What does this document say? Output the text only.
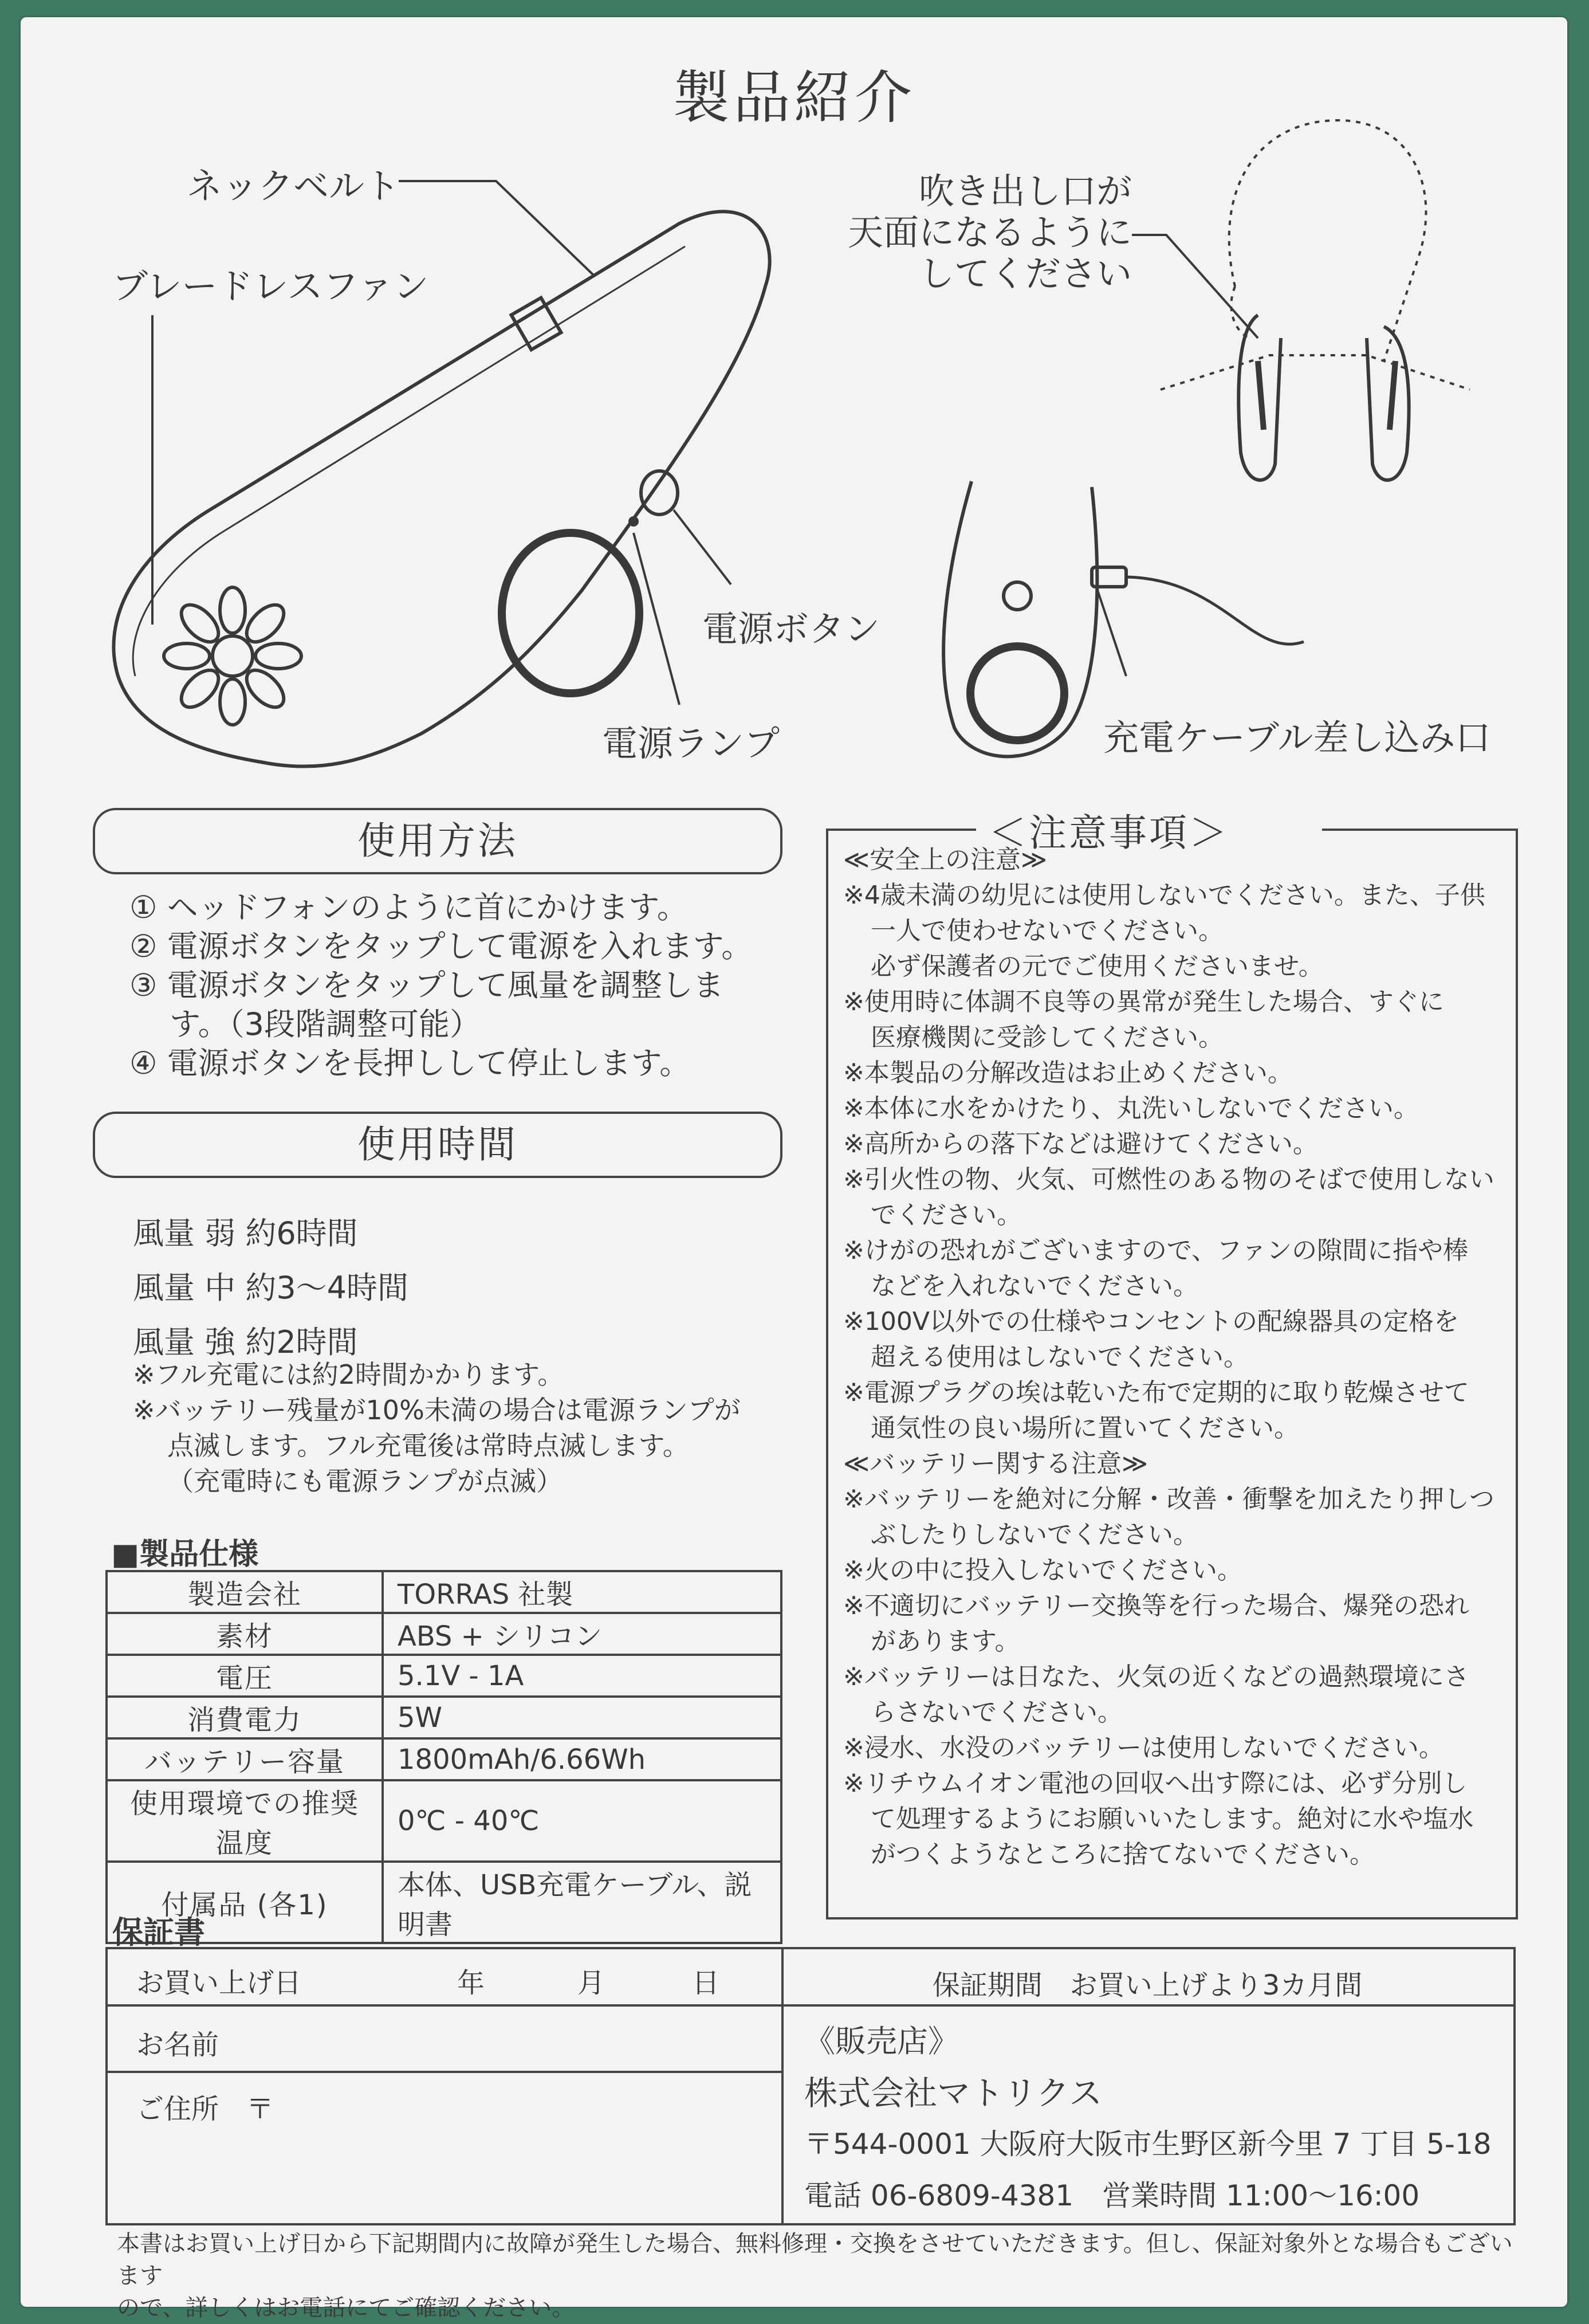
製品紹介
ネックベルト
ブレードレスファン
電源ボタン
電源ランプ
吹き出し口が
天面になるように
してください
充電ケーブル差し込み口
使用方法
① ヘッドフォンのように首にかけます。
② 電源ボタンをタップして電源を入れます。
③ 電源ボタンをタップして風量を調整しま
す。（3段階調整可能）
④ 電源ボタンを長押しして停止します。
使用時間
風量 弱 約6時間
風量 中 約3～4時間
風量 強 約2時間
※フル充電には約2時間かかります。
※バッテリー残量が10%未満の場合は電源ランプが
点滅します。フル充電後は常時点滅します。
（充電時にも電源ランプが点滅）
■製品仕様
製造会社	TORRAS 社製
素材	ABS + シリコン
電圧	5.1V - 1A
消費電力	5W
バッテリー容量	1800mAh/6.66Wh
使用環境での推奨温度	0℃ - 40℃
付属品 (各1)	本体、USB充電ケーブル、説明書
＜注意事項＞
≪安全上の注意≫
※4歳未満の幼児には使用しないでください。また、子供
一人で使わせないでください。
必ず保護者の元でご使用くださいませ。
※使用時に体調不良等の異常が発生した場合、すぐに
医療機関に受診してください。
※本製品の分解改造はお止めください。
※本体に水をかけたり、丸洗いしないでください。
※高所からの落下などは避けてください。
※引火性の物、火気、可燃性のある物のそばで使用しない
でください。
※けがの恐れがございますので、ファンの隙間に指や棒
などを入れないでください。
※100V以外での仕様やコンセントの配線器具の定格を
超える使用はしないでください。
※電源プラグの埃は乾いた布で定期的に取り乾燥させて
通気性の良い場所に置いてください。
≪バッテリー関する注意≫
※バッテリーを絶対に分解・改善・衝撃を加えたり押しつ
ぶしたりしないでください。
※火の中に投入しないでください。
※不適切にバッテリー交換等を行った場合、爆発の恐れ
があります。
※バッテリーは日なた、火気の近くなどの過熱環境にさ
らさないでください。
※浸水、水没のバッテリーは使用しないでください。
※リチウムイオン電池の回収へ出す際には、必ず分別し
て処理するようにお願いいたします。絶対に水や塩水
がつくようなところに捨てないでください。
保証書
お買い上げ日	年	月	日	保証期間　お買い上げより3カ月間
お名前
ご住所　〒
《販売店》
株式会社マトリクス
〒544-0001 大阪府大阪市生野区新今里 7 丁目 5-18
電話 06-6809-4381　営業時間 11:00～16:00
本書はお買い上げ日から下記期間内に故障が発生した場合、無料修理・交換をさせていただきます。但し、保証対象外とな場合もございます
ので、詳しくはお電話にてご確認ください。
